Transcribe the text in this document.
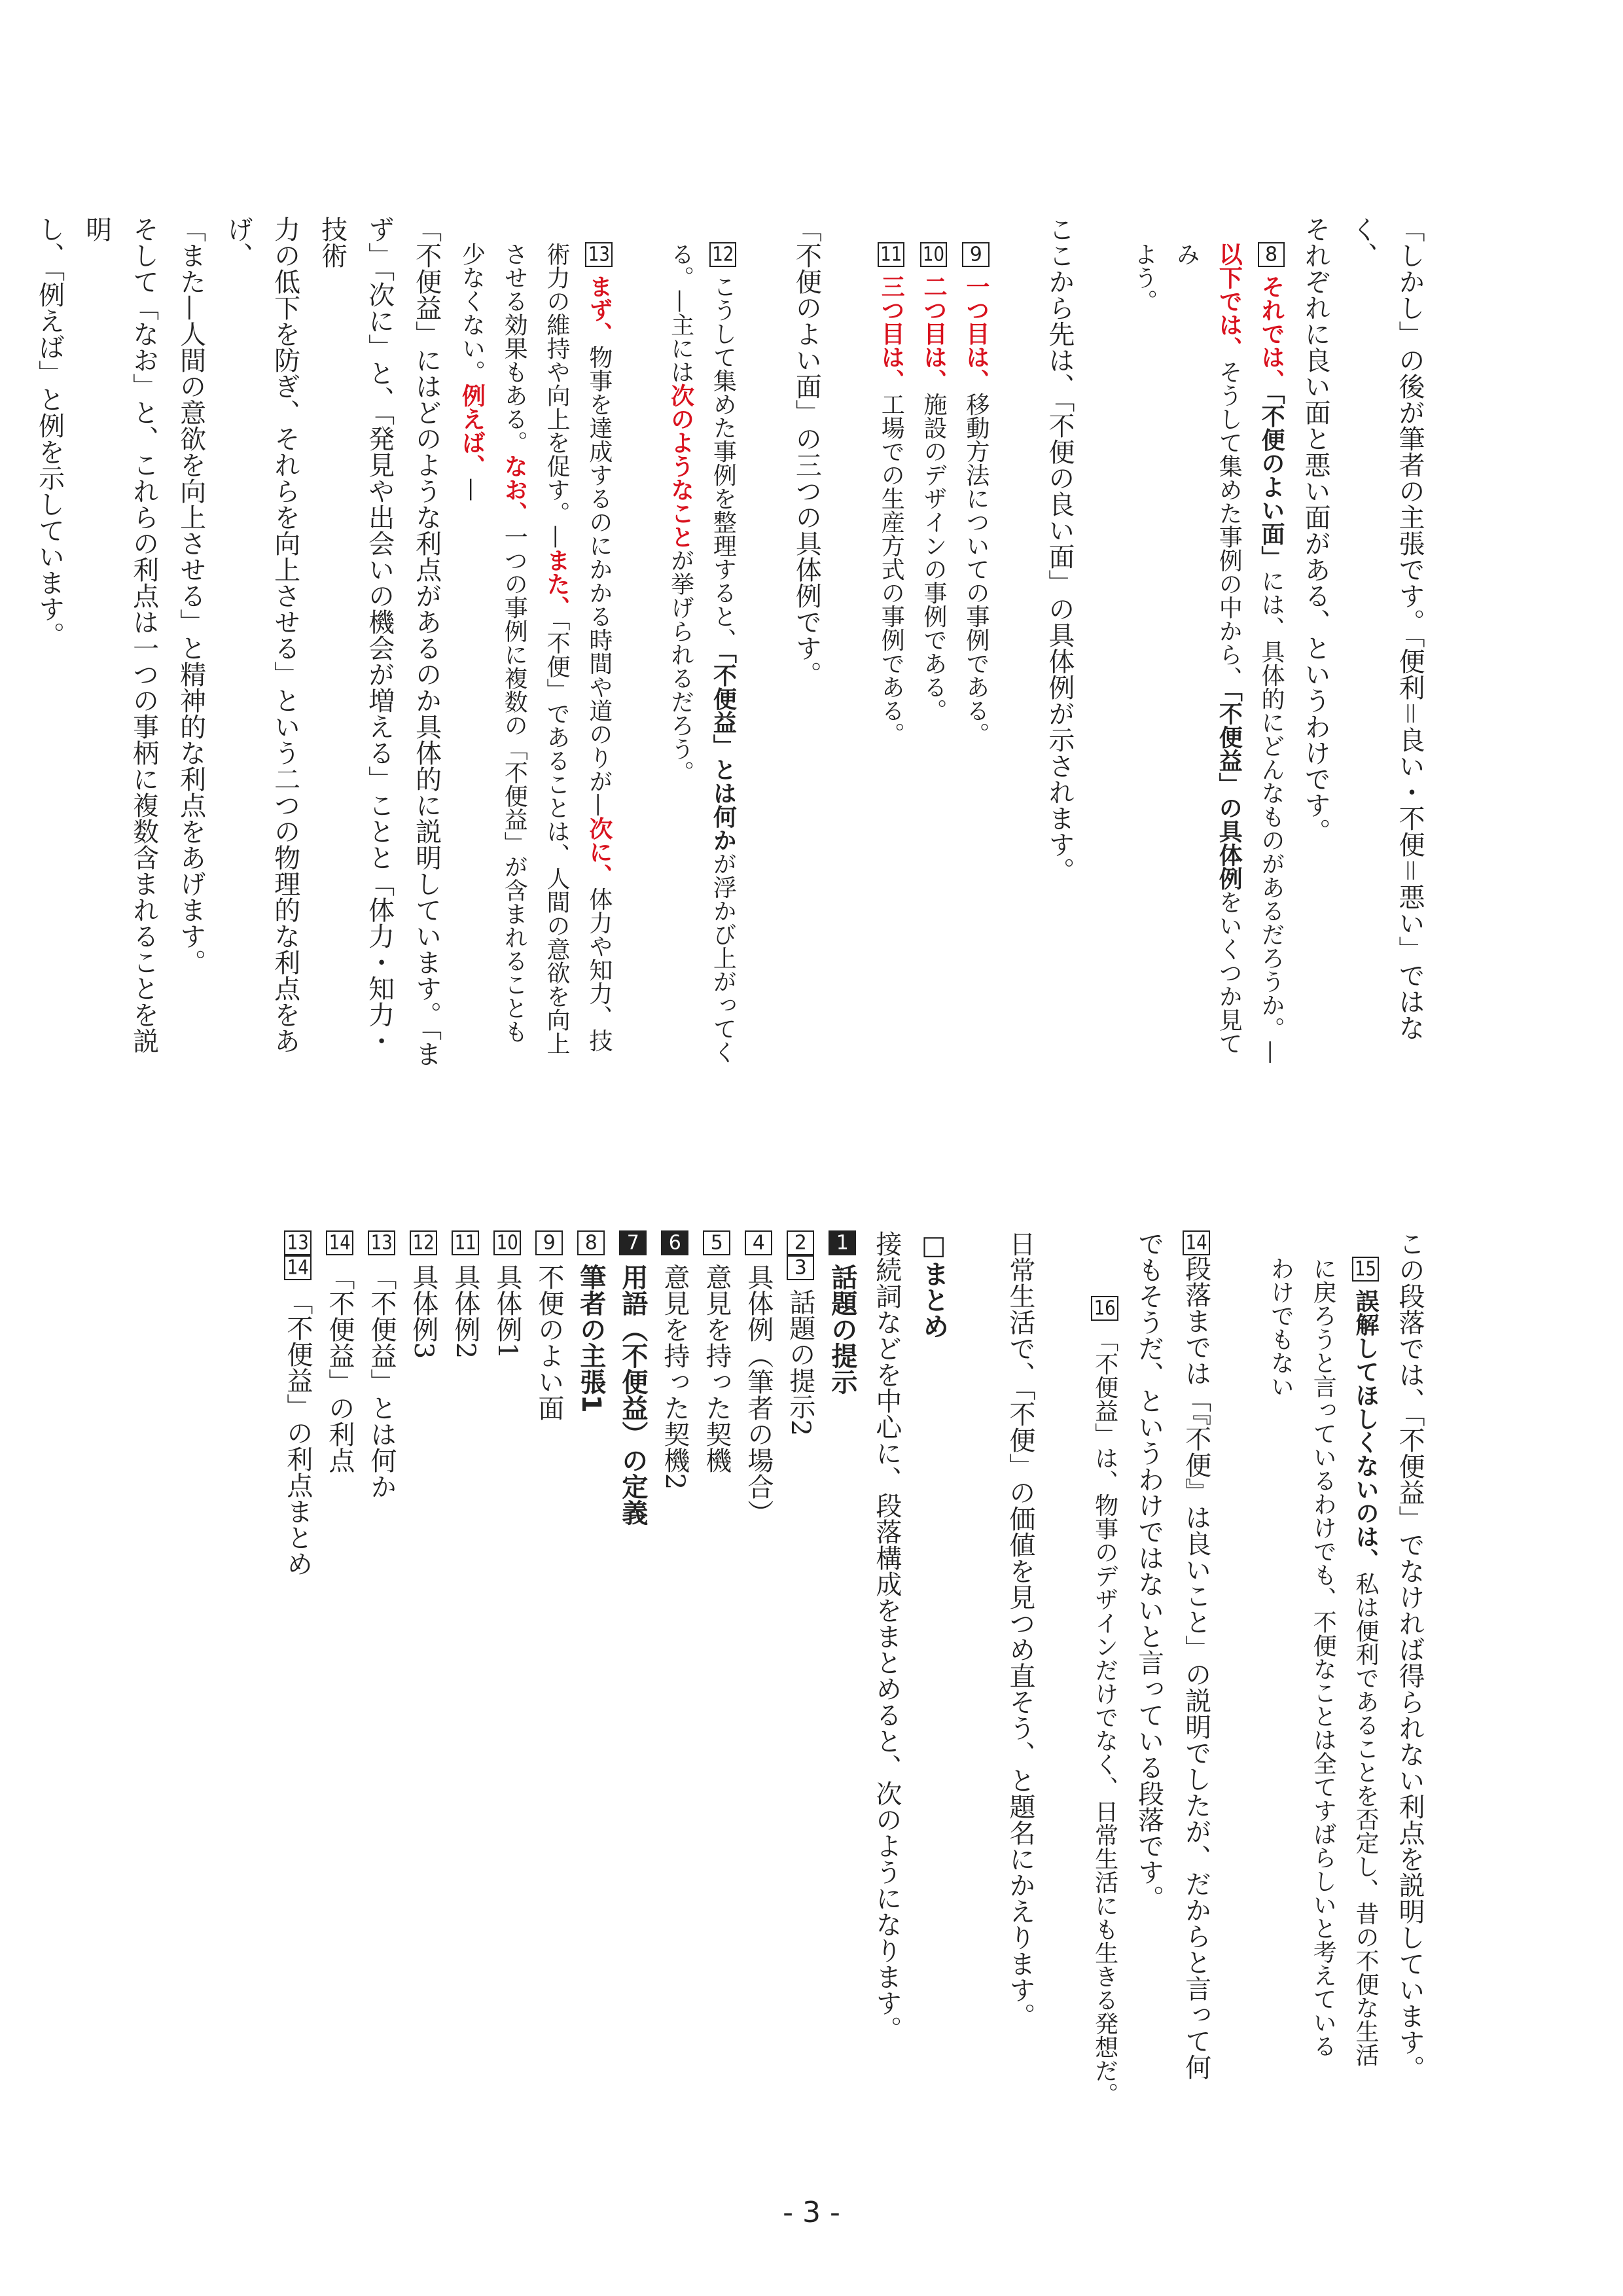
「しかし」の後が筆者の主張です。「便利＝良い・不便＝悪い」ではなく、
それぞれに良い面と悪い面がある、というわけです。

8 それでは、「不便のよい面」には、具体的にどんなものがあるだろうか。—
以下では、そうして集めた事例の中から、「不便益」の具体例をいくつか見てみ
よう。

ここから先は、「不便の良い面」の具体例が示されます。

9 一つ目は、移動方法についての事例である。
10 二つ目は、施設のデザインの事例である。
11 三つ目は、工場での生産方式の事例である。

「不便のよい面」の三つの具体例です。

12 こうして集めた事例を整理すると、「不便益」とは何かが浮かび上がってく
る。—主には次のようなことが挙げられるだろう。

13 まず、物事を達成するのにかかる時間や道のりが—次に、体力や知力、技
術力の維持や向上を促す。—また、「不便」であることは、人間の意欲を向上
させる効果もある。なお、一つの事例に複数の「不便益」が含まれることも
少なくない。例えば、—

「不便益」にはどのような利点があるのか具体的に説明しています。「ま
ず」「次に」と、「発見や出会いの機会が増える」ことと「体力・知力・技術
力の低下を防ぎ、それらを向上させる」という二つの物理的な利点をあげ、
「また—人間の意欲を向上させる」と精神的な利点をあげます。
そして「なお」と、これらの利点は一つの事柄に複数含まれることを説明
し、「例えば」と例を示しています。

この段落では、「不便益」でなければ得られない利点を説明しています。

15 誤解してほしくないのは、私は便利であることを否定し、昔の不便な生活
に戻ろうと言っているわけでも、不便なことは全てすばらしいと考えている
わけでもない

14段落までは「『不便』は良いこと」の説明でしたが、だからと言って何
でもそうだ、というわけではないと言っている段落です。

16 「不便益」は、物事のデザインだけでなく、日常生活にも生きる発想だ。

日常生活で、「不便」の価値を見つめ直そう、と題名にかえります。

□まとめ
接続詞などを中心に、段落構成をまとめると、次のようになります。

1 話題の提示
23 話題の提示2
4 具体例（筆者の場合）
5 意見を持った契機
6 意見を持った契機2
7 用語（不便益）の定義
8 筆者の主張1
9 不便のよい面
10 具体例1
11 具体例2
12 具体例3
13 「不便益」とは何か
14 「不便益」の利点
1314 「不便益」の利点まとめ
- 3 -
